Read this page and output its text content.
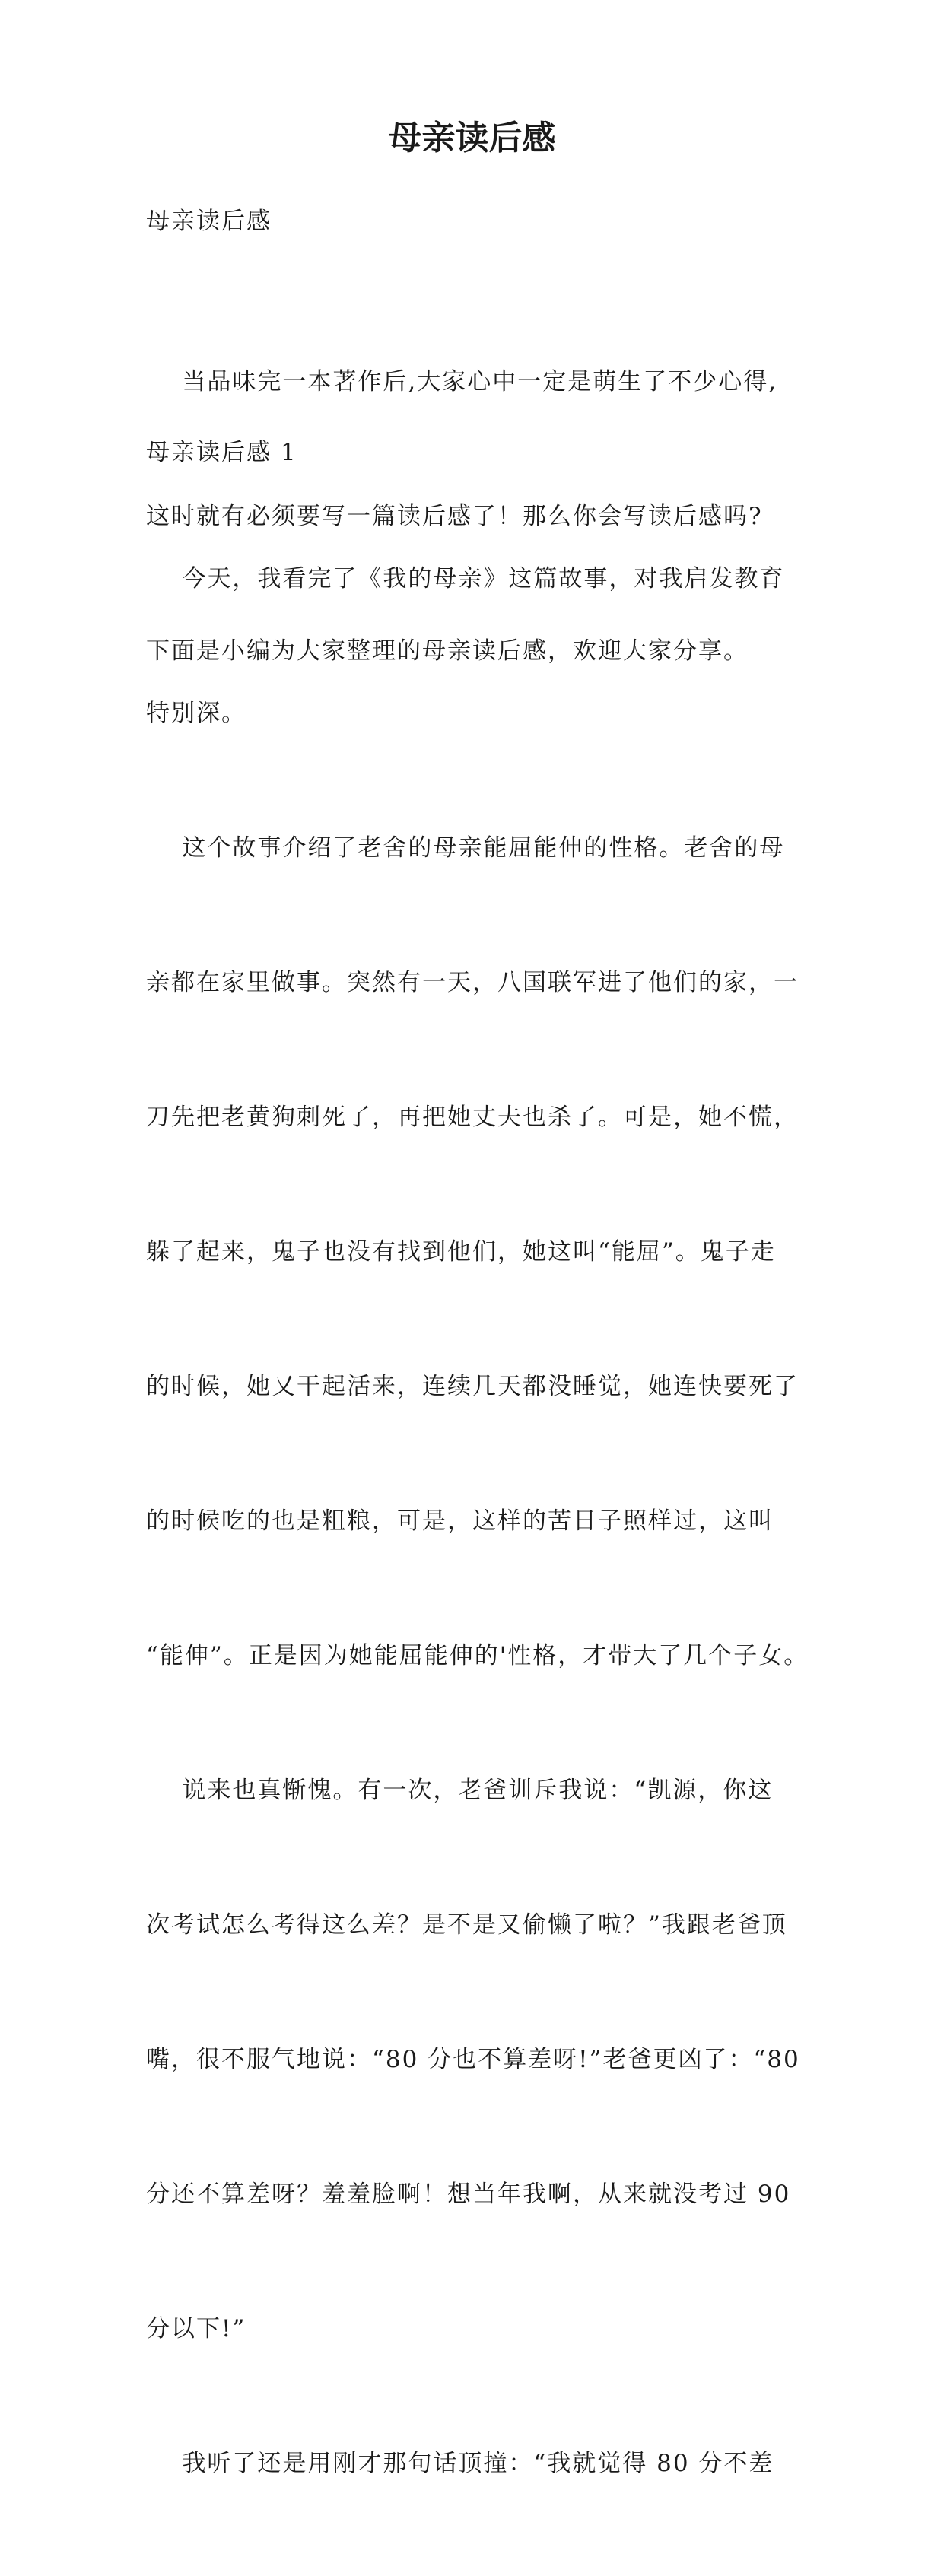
母亲读后感
母亲读后感

当品味完一本著作后,大家心中一定是萌生了不少心得,

这时就有必须要写一篇读后感了！那么你会写读后感吗?

下面是小编为大家整理的母亲读后感，欢迎大家分享。

母亲读后感 1

今天，我看完了《我的母亲》这篇故事，对我启发教育

特别深。

这个故事介绍了老舍的母亲能屈能伸的性格。老舍的母

亲都在家里做事。突然有一天，八国联军进了他们的家，一

刀先把老黄狗刺死了，再把她丈夫也杀了。可是，她不慌，

躲了起来，鬼子也没有找到他们，她这叫“能屈”。鬼子走

的时候，她又干起活来，连续几天都没睡觉，她连快要死了

的时候吃的也是粗粮，可是，这样的苦日子照样过，这叫

“能伸”。正是因为她能屈能伸的'性格，才带大了几个子女。

说来也真惭愧。有一次，老爸训斥我说：“凯源，你这

次考试怎么考得这么差？是不是又偷懒了啦？”我跟老爸顶

嘴，很不服气地说：“80 分也不算差呀!”老爸更凶了：“80

分还不算差呀？羞羞脸啊！想当年我啊，从来就没考过 90

分以下!”

我听了还是用刚才那句话顶撞：“我就觉得 80 分不差
